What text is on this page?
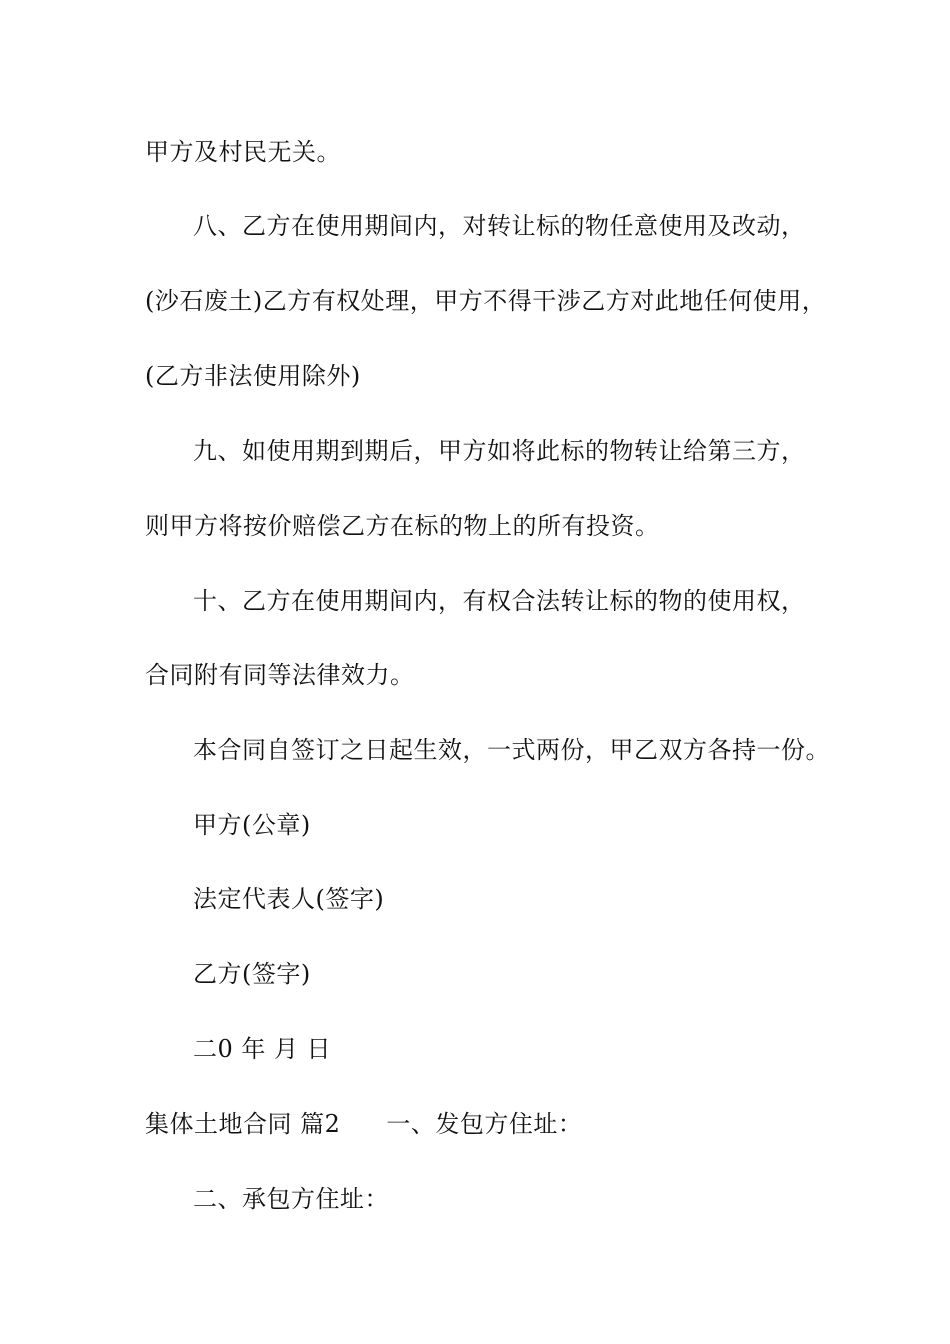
甲方及村民无关。
八、乙方在使用期间内，对转让标的物任意使用及改动，
(沙石废土)乙方有权处理，甲方不得干涉乙方对此地任何使用，
(乙方非法使用除外)
九、如使用期到期后，甲方如将此标的物转让给第三方，
则甲方将按价赔偿乙方在标的物上的所有投资。
十、乙方在使用期间内，有权合法转让标的物的使用权，
合同附有同等法律效力。
本合同自签订之日起生效，一式两份，甲乙双方各持一份。
甲方(公章)
法定代表人(签字)
乙方(签字)
二0 年 月 日
集体土地合同 篇2 一、发包方住址：
二、承包方住址：
